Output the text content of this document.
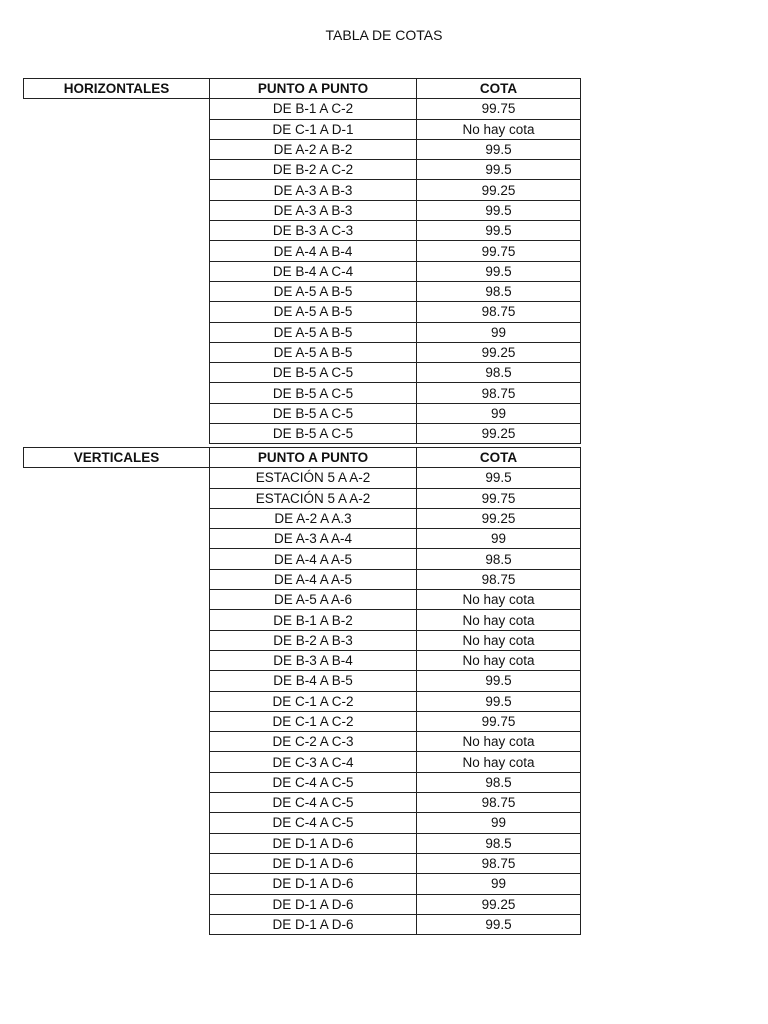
TABLA DE COTAS
HORIZONTALES	PUNTO A PUNTO	COTA
	DE B-1 A C-2	99.75
	DE C-1 A D-1	No hay cota
	DE A-2 A B-2	99.5
	DE B-2 A C-2	99.5
	DE A-3 A B-3	99.25
	DE A-3 A B-3	99.5
	DE B-3 A C-3	99.5
	DE A-4 A B-4	99.75
	DE B-4 A C-4	99.5
	DE A-5 A B-5	98.5
	DE A-5 A B-5	98.75
	DE A-5 A B-5	99
	DE A-5 A B-5	99.25
	DE B-5 A C-5	98.5
	DE B-5 A C-5	98.75
	DE B-5 A C-5	99
	DE B-5 A C-5	99.25
VERTICALES	PUNTO A PUNTO	COTA
	ESTACIÓN 5 A A-2	99.5
	ESTACIÓN 5 A A-2	99.75
	DE A-2 A A.3	99.25
	DE A-3 A A-4	99
	DE A-4 A A-5	98.5
	DE A-4 A A-5	98.75
	DE A-5 A A-6	No hay cota
	DE B-1 A B-2	No hay cota
	DE B-2 A B-3	No hay cota
	DE B-3 A B-4	No hay cota
	DE B-4 A B-5	99.5
	DE C-1 A C-2	99.5
	DE C-1 A C-2	99.75
	DE C-2 A C-3	No hay cota
	DE C-3 A C-4	No hay cota
	DE C-4 A C-5	98.5
	DE C-4 A C-5	98.75
	DE C-4 A C-5	99
	DE D-1 A D-6	98.5
	DE D-1 A D-6	98.75
	DE D-1 A D-6	99
	DE D-1 A D-6	99.25
	DE D-1 A D-6	99.5
